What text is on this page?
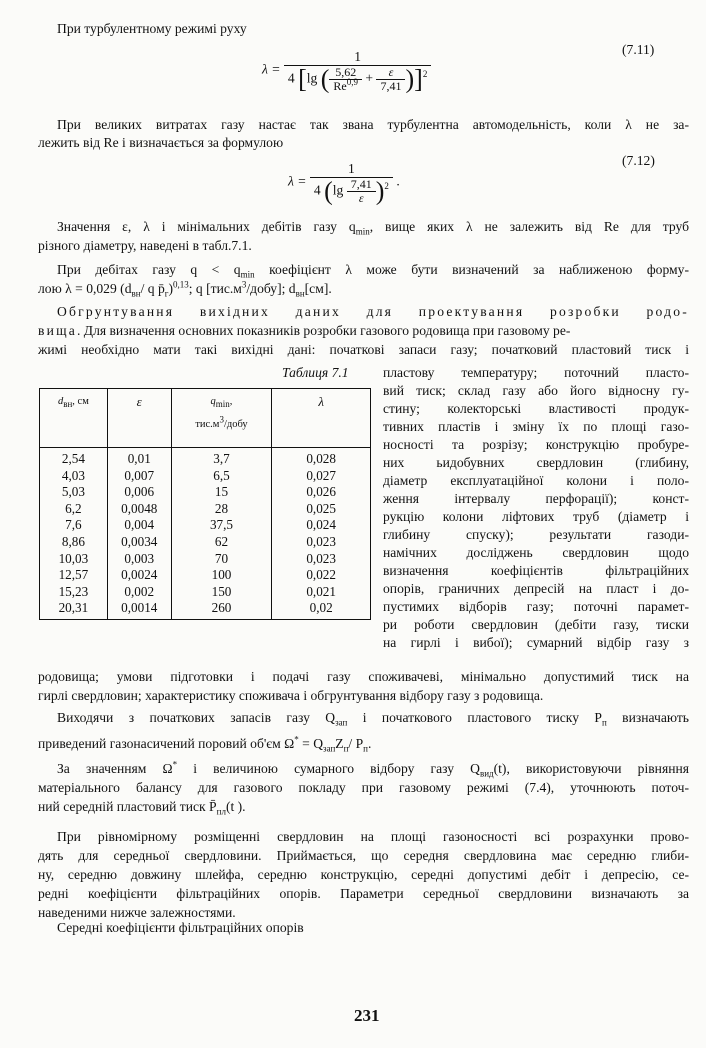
При турбулентному режимі руху
$\lambda = \frac{1}{4 [\lg ( \frac{5,62}{Re^{0,9}} + \frac{\varepsilon}{7,41} )]^2}$	(7.11)
При великих витратах газу настає так звана турбулентна автомодельність, коли λ не за-
лежить від Re і визначається за формулою
$\lambda = \frac{1}{4 (\lg \frac{7,41}{\varepsilon} )^2}$ .
(7.12)
Значення ε, λ і мінімальних дебітів газу $q_{min}$, вище яких λ не залежить від Re для труб
різного діаметру, наведені в табл.7.1.
При дебітах газу $q < q_{min}$ коефіцієнт λ може бути визначений за наближеною форму-
лою λ = 0,029 ($d_{вн}/$ q $p̄_г)^{0,13}$; q $[тис.м^3/добу]$; $d_{вн}[см]$.
Обгрунтування вихідних даних для проектування розробки родо-
вища. Для визначення основних показників розробки газового родовища при газовому ре-
жимі необхідно мати такі вихідні дані: початкові запаси газу; початковий пластовий тиск і
Таблиця 7.1
$d_{вн}$, см	ε	$q_{min}$,
$тис.м^3$/добу	λ
2,54	0,01	3,7	0,028
4,03	0,007	6,5	0,027
5,03	0,006	15	0,026
6,2	0,0048	28	0,025
7,6	0,004	37,5	0,024
8,86	0,0034	62	0,023
10,03	0,003	70	0,023
12,57	0,0024	100	0,022
15,23	0,002	150	0,021
20,31	0,0014	260	0,02
пластову температуру; поточний пласто-
вий тиск; склад газу або його відносну гу-
стину; колекторські властивості продук-
тивних пластів і зміну їх по площі газо-
носності та розрізу; конструкцію пробуре-
них ьидобувних свердловин (глибину,
діаметр експлуатаційної колони і поло-
ження інтервалу перфорації); конст-
рукцію колони ліфтових труб (діаметр і
глибину спуску); результати газоди-
намічних досліджень свердловин щодо
визначення коефіцієнтів фільтраційних
опорів, граничних депресій на пласт і до-
пустимих відборів газу; поточні парамет-
ри роботи свердловин (дебіти газу, тиски
на гирлі і вибої); сумарний відбір газу з
родовища; умови підготовки і подачі газу споживачеві, мінімально допустимий тиск на
гирлі свердловин; характеристику споживача і обгрунтування відбору газу з родовища.
Виходячи з початкових запасів газу $Q_{зап}$ і початкового пластового тиску $P_п$ визначають
приведений газонасичений поровий об'єм $\Omega^* = Q_{зап}Z_п/$ $P_п$.
За значенням Ω* і величиною сумарного відбору газу $Q_{вид}(t)$, використовуючи рівняння
матеріального балансу для газового покладу при газовому режимі (7.4), уточнюють поточ-
ний середній пластовий тиск $P̄_{пл}(t$ ).
При рівномірному розміщенні свердловин на площі газоносності всі розрахунки прово-
дять для середньої свердловини. Приймається, що середня свердловина має середню глиби-
ну, середню довжину шлейфа, середню конструкцію, середні допустимі дебіт і депресію, се-
редні коефіцієнти фільтраційних опорів. Параметри середньої свердловини визначають за
наведеними нижче залежностями.
Середні коефіцієнти фільтраційних опорів
231
